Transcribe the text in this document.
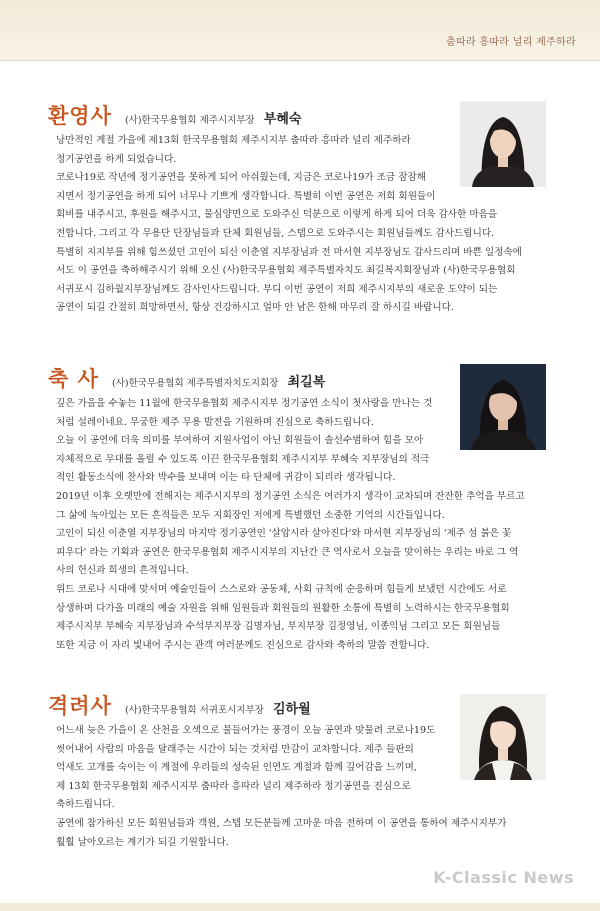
춤따라 흥따라 널리 제주하라
환영사 (사)한국무용협회 제주시지부장 부혜숙

낭만적인 계절 가을에 제13회 한국무용협회 제주시지부 춤따라 흥따라 널리 제주하라
정기공연을 하게 되었습니다.
코로나19로 작년에 정기공연을 못하게 되어 아쉬웠는데, 지금은 코로나19가 조금 잠잠해
지면서 정기공연을 하게 되어 너무나 기쁘게 생각합니다. 특별히 이번 공연은 저희 회원들이
회비를 내주시고, 후원을 해주시고, 물심양면으로 도와주신 덕분으로 이렇게 하게 되어 더욱 감사한 마음을
전합니다. 그리고 각 무용단 단장님들과 단체 회원님들, 스텝으로 도와주시는 회원님들께도 감사드립니다.
특별히 지지부를 위해 힘쓰셨던 고인이 되신 이춘열 지부장님과 전 마서현 지부장님도 감사드리며 바쁜 일정속에
서도 이 공연을 축하해주시기 위해 오신 (사)한국무용협회 제주특별자치도 최길복지회장님과 (사)한국무용협회
서귀포시 김하월지부장님께도 감사인사드립니다. 부디 이번 공연이 저희 제주시지부의 새로운 도약이 되는
공연이 되길 간절히 희망하면서, 항상 건강하시고 얼마 안 남은 한해 마무리 잘 하시길 바랍니다.

축 사 (사)한국무용협회 제주특별자치도지회장 최길복

깊은 가을을 수놓는 11월에 한국무용협회 제주시지부 정기공연 소식이 첫사랑을 만나는 것
처럼 설레이네요. 무궁한 제주 무용 발전을 기원하며 진심으로 축하드립니다.
오늘 이 공연에 더욱 의미를 부여하여 지원사업이 아닌 회원들이 솔선수범하여 힘을 모아
자체적으로 무대를 올릴 수 있도록 이끈 한국무용협회 제주시지부 부혜숙 지부장님의 적극
적인 활동소식에 찬사와 박수를 보내며 이는 타 단체에 귀감이 되리라 생각됩니다.
2019년 이후 오랫만에 전해지는 제주시지부의 정기공연 소식은 여러가지 생각이 교차되며 잔잔한 추억을 부르고
그 삶에 녹아있는 모든 흔적들은 모두 지회장인 저에게 특별했던 소중한 기억의 시간들입니다.
고인이 되신 이춘열 지부장님의 마지막 정기공연인 '살암시라 살아진다'와 마서현 지부장님의 '제주 섬 붉은 꽃
피우다' 라는 기획과 공연은 한국무용협회 제주시지부의 지난간 큰 역사로서 오늘을 맞이하는 우리는 바로 그 역
사의 헌신과 희생의 흔적입니다.
위드 코로나 시대에 맞서며 예술인들이 스스로와 공동체, 사회 규칙에 순응하며 힘들게 보냈던 시간에도 서로
상생하며 다가올 미래의 예술 자원을 위해 임원들과 회원들의 원활한 소통에 특별히 노력하시는 한국무용협회
제주시지부 부혜숙 지부장님과 수석부지부장 김명자님, 부지부장 김정영님, 이종익님 그리고 모든 회원님들
또한 지금 이 자리 빛내어 주시는 관객 여러분께도 진심으로 감사와 축하의 말씀 전합니다.

격려사 (사)한국무용협회 서귀포시지부장 김하월

어느새 늦은 가을이 온 산천을 오색으로 물들어가는 풍경이 오늘 공연과 맞물려 코로나19도
씻어내어 사람의 마음을 달래주는 시간이 되는 것처럼 만감이 교차합니다. 제주 들판의
억새도 고개를 숙이는 이 계절에 우리들의 성숙된 인연도 계절과 함께 깊어감을 느끼며,
제 13회 한국무용협회 제주시지부 춤따라 흥따라 널리 제주하라 정기공연을 진심으로
축하드립니다.
공연에 참가하신 모든 회원님들과 객원, 스텝 모든분들께 고마운 마음 전하며 이 공연을 통하여 제주시지부가
훨훨 날아오르는 계기가 되길 기원합니다.

K-Classic News
